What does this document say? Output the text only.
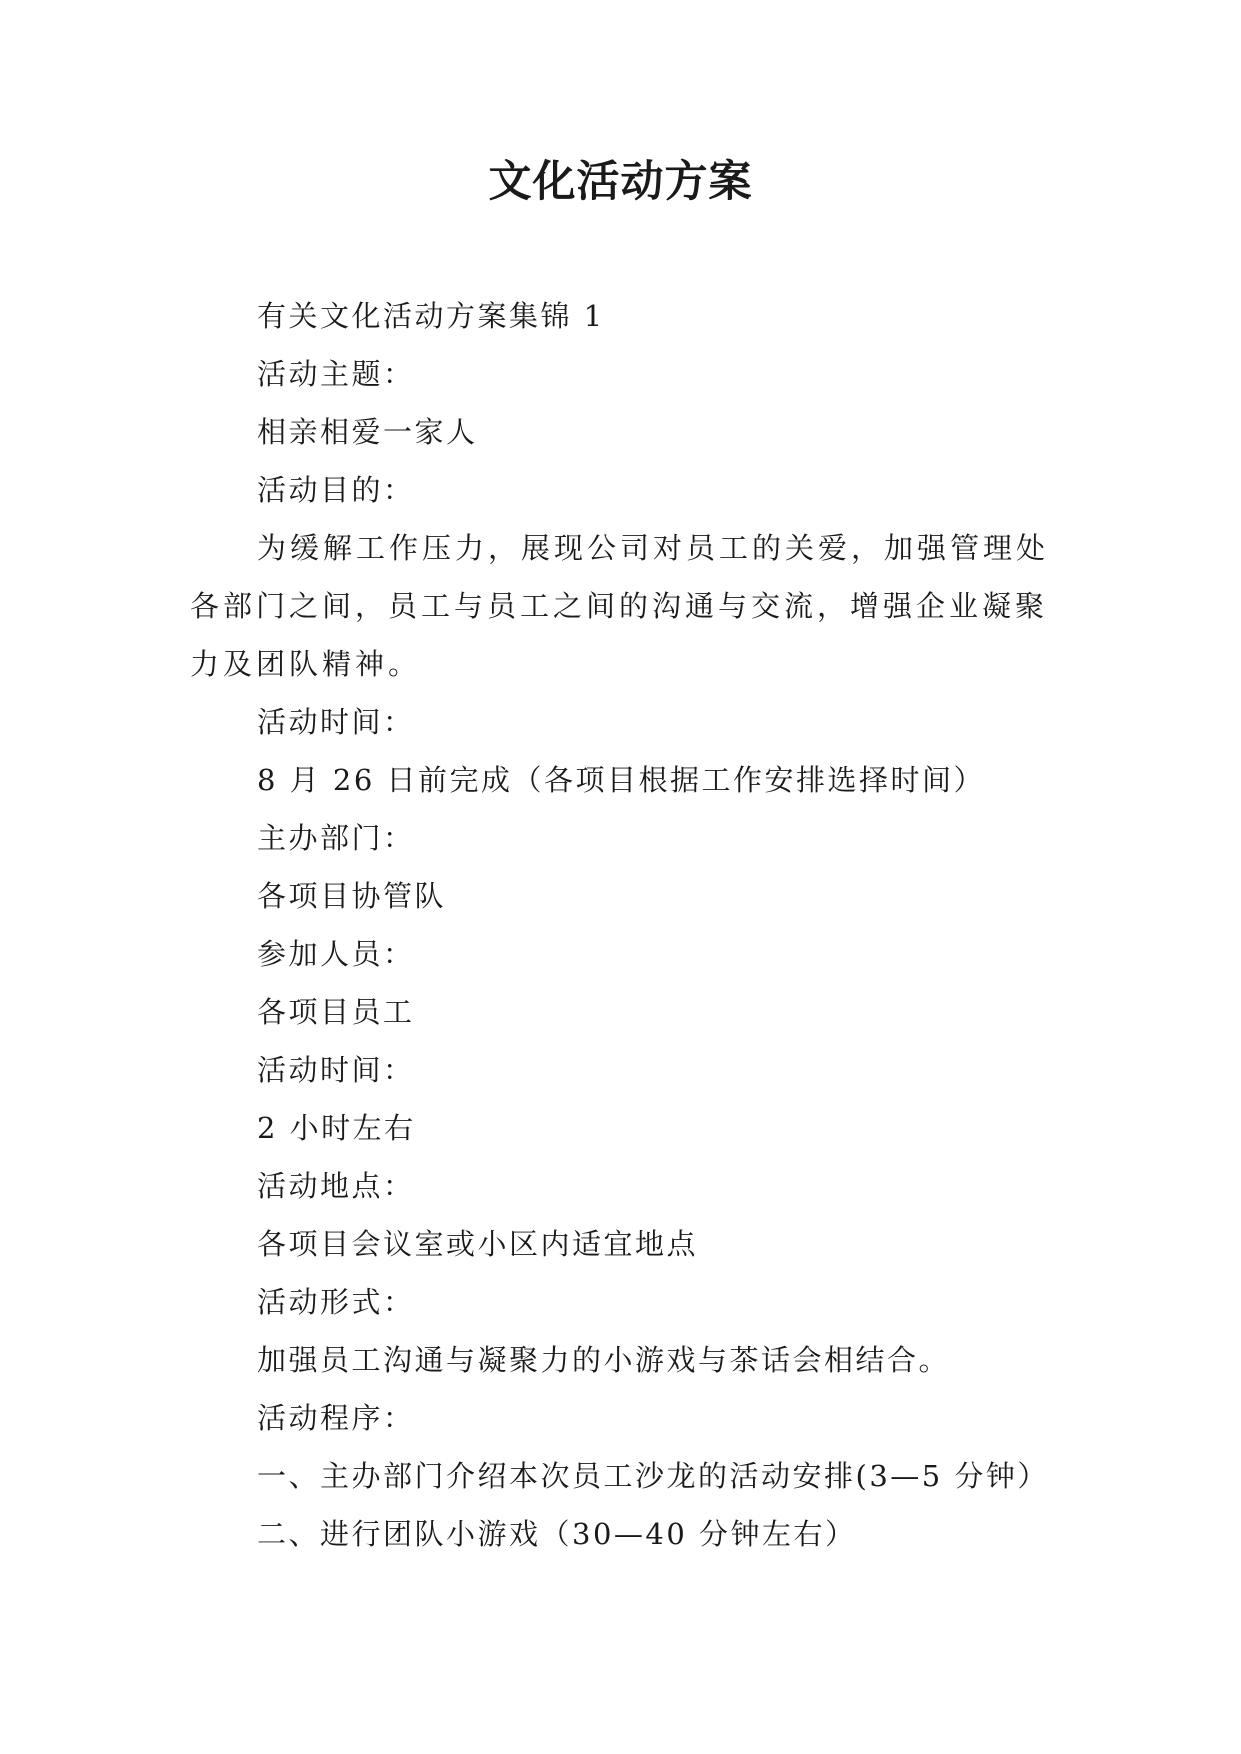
文化活动方案

有关文化活动方案集锦 1

活动主题：

相亲相爱一家人

活动目的：

为缓解工作压力，展现公司对员工的关爱，加强管理处各部门之间，员工与员工之间的沟通与交流，增强企业凝聚力及团队精神。

活动时间：

8 月 26 日前完成（各项目根据工作安排选择时间）

主办部门：

各项目协管队

参加人员：

各项目员工

活动时间：

2 小时左右

活动地点：

各项目会议室或小区内适宜地点

活动形式：

加强员工沟通与凝聚力的小游戏与茶话会相结合。

活动程序：

一、主办部门介绍本次员工沙龙的活动安排(3—5 分钟）

二、进行团队小游戏（30—40 分钟左右）
